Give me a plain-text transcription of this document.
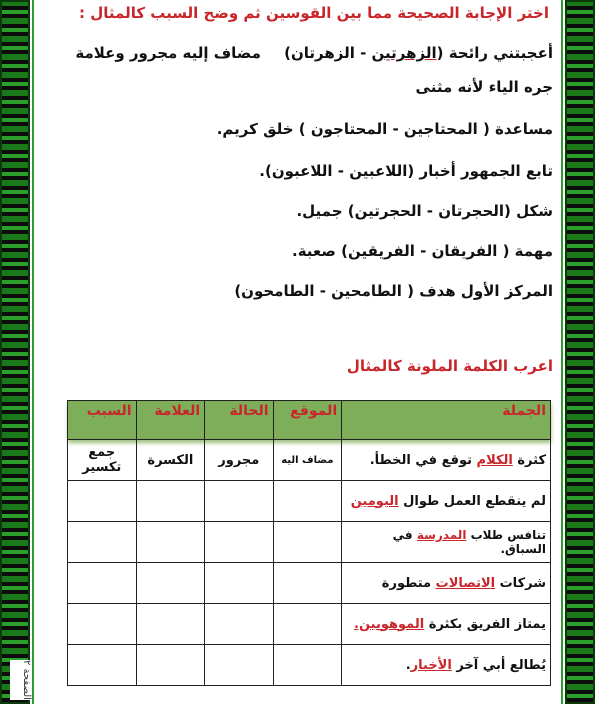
اختر الإجابة الصحيحة مما بين القوسين ثم وضح السبب كالمثال :
أعجبتني رائحة (الزهرتين - الزهرتان) مضاف إليه مجرور وعلامة
جره الياء لأنه مثنى
مساعدة ( المحتاجين - المحتاجون ) خلق كريم.
تابع الجمهور أخبار (اللاعبين - اللاعبون).
شكل (الحجرتان - الحجرتين) جميل.
مهمة ( الفريقان - الفريقين) صعبة.
المركز الأول هدف ( الطامحين - الطامحون)
اعرب الكلمة الملونة كالمثال
الجملة	الموقع	الحالة	العلامة	السبب
كثرة الكلام توقع في الخطأ.	مضاف اليه	مجرور	الكسرة	جمع تكسير
لم ينقطع العمل طوال اليومين				
تنافس طلاب المدرسة في السباق.				
شركات الاتصالات متطورة				
يمتاز الفريق بكثرة الموهوبين.				
يُطالع أبي آخر الأخبار.				
الصفحة ٢
